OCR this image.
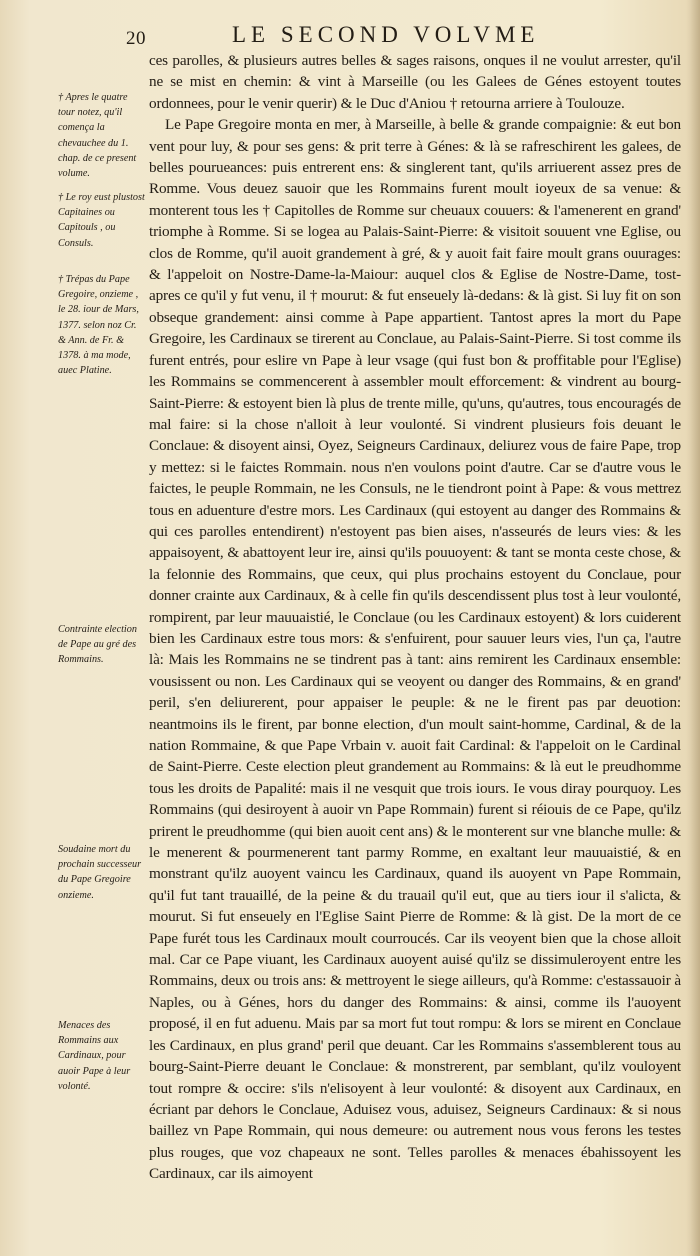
20	LE SECOND VOLVME

† Apres le quatre tour notez, qu'il comença la chevauchee du 1. chap. de ce present volume.

† Le roy eust plustost Capitaines ou Capitouls , ou Consuls.

† Trépas du Pape Gregoire, onzieme , le 28. iour de Mars, 1377. selon noz Cr. & Ann. de Fr. & 1378. à ma mode, auec Platine.

Contrainte election de Pape au gré des Rommains.

Soudaine mort du prochain successeur du Pape Gregoire onzieme.

Menaces des Rommains aux Cardinaux, pour auoir Pape à leur volonté.

ces parolles, & plusieurs autres belles & sages raisons, onques il ne voulut arrester, qu'il ne se mist en chemin: & vint à Marseille (ou les Galees de Génes estoyent toutes ordonnees, pour le venir querir) & le Duc d'Aniou † retourna arriere à Toulouze.

Le Pape Gregoire monta en mer, à Marseille, à belle & grande compaignie: & eut bon vent pour luy, & pour ses gens: & prit terre à Génes: & là se rafreschirent les galees, de belles pourueances: puis entrerent ens: & singlerent tant, qu'ils arriuerent assez pres de Romme. Vous deuez sauoir que les Rommains furent moult ioyeux de sa venue: & monterent tous les † Capitolles de Romme sur cheuaux couuers: & l'amenerent en grand' triomphe à Romme. Si se logea au Palais-Saint-Pierre: & visitoit souuent vne Eglise, ou clos de Romme, qu'il auoit grandement à gré, & y auoit fait faire moult grans ouurages: & l'appeloit on Nostre-Dame-la-Maiour: auquel clos & Eglise de Nostre-Dame, tost-apres ce qu'il y fut venu, il † mourut: & fut enseuely là-dedans: & là gist. Si luy fit on son obseque grandement: ainsi comme à Pape appartient. Tantost apres la mort du Pape Gregoire, les Cardinaux se tirerent au Conclaue, au Palais-Saint-Pierre. Si tost comme ils furent entrés, pour eslire vn Pape à leur vsage (qui fust bon & proffitable pour l'Eglise) les Rommains se commencerent à assembler moult efforcement: & vindrent au bourg-Saint-Pierre: & estoyent bien là plus de trente mille, qu'uns, qu'autres, tous encouragés de mal faire: si la chose n'alloit à leur voulonté. Si vindrent plusieurs fois deuant le Conclaue: & disoyent ainsi, Oyez, Seigneurs Cardinaux, deliurez vous de faire Pape, trop y mettez: si le faictes Rommain. nous n'en voulons point d'autre. Car se d'autre vous le faictes, le peuple Rommain, ne les Consuls, ne le tiendront point à Pape: & vous mettrez tous en aduenture d'estre mors. Les Cardinaux (qui estoyent au danger des Rommains & qui ces parolles entendirent) n'estoyent pas bien aises, n'asseurés de leurs vies: & les appaisoyent, & abattoyent leur ire, ainsi qu'ils pouuoyent: & tant se monta ceste chose, & la felonnie des Rommains, que ceux, qui plus prochains estoyent du Conclaue, pour donner crainte aux Cardinaux, & à celle fin qu'ils descendissent plus tost à leur voulonté, rompirent, par leur mauuaistié, le Conclaue (ou les Cardinaux estoyent) & lors cuiderent bien les Cardinaux estre tous mors: & s'enfuirent, pour sauuer leurs vies, l'un ça, l'autre là: Mais les Rommains ne se tindrent pas à tant: ains remirent les Cardinaux ensemble: vousissent ou non. Les Cardinaux qui se veoyent ou danger des Rommains, & en grand' peril, s'en deliurerent, pour appaiser le peuple: & ne le firent pas par deuotion: neantmoins ils le firent, par bonne election, d'un moult saint-homme, Cardinal, & de la nation Rommaine, & que Pape Vrbain v. auoit fait Cardinal: & l'appeloit on le Cardinal de Saint-Pierre. Ceste election pleut grandement au Rommains: & là eut le preudhomme tous les droits de Papalité: mais il ne vesquit que trois iours. Ie vous diray pourquoy. Les Rommains (qui desiroyent à auoir vn Pape Rommain) furent si réiouis de ce Pape, qu'ilz prirent le preudhomme (qui bien auoit cent ans) & le monterent sur vne blanche mulle: & le menerent & pourmenerent tant parmy Romme, en exaltant leur mauuaistié, & en monstrant qu'ilz auoyent vaincu les Cardinaux, quand ils auoyent vn Pape Rommain, qu'il fut tant trauaillé, de la peine & du trauail qu'il eut, que au tiers iour il s'alicta, & mourut. Si fut enseuely en l'Eglise Saint Pierre de Romme: & là gist. De la mort de ce Pape furét tous les Cardinaux moult courroucés. Car ils veoyent bien que la chose alloit mal. Car ce Pape viuant, les Cardinaux auoyent auisé qu'ilz se dissimuleroyent entre les Rommains, deux ou trois ans: & mettroyent le siege ailleurs, qu'à Romme: c'estassauoir à Naples, ou à Génes, hors du danger des Rommains: & ainsi, comme ils l'auoyent proposé, il en fut aduenu. Mais par sa mort fut tout rompu: & lors se mirent en Conclaue les Cardinaux, en plus grand' peril que deuant. Car les Rommains s'assemblerent tous au bourg-Saint-Pierre deuant le Conclaue: & monstrerent, par semblant, qu'ilz vouloyent tout rompre & occire: s'ils n'elisoyent à leur voulonté: & disoyent aux Cardinaux, en écriant par dehors le Conclaue, Aduisez vous, aduisez, Seigneurs Cardinaux: & si nous baillez vn Pape Rommain, qui nous demeure: ou autrement nous vous ferons les testes plus rouges, que voz chapeaux ne sont. Telles parolles & menaces ébahissoyent les Cardinaux, car ils aimoyent
